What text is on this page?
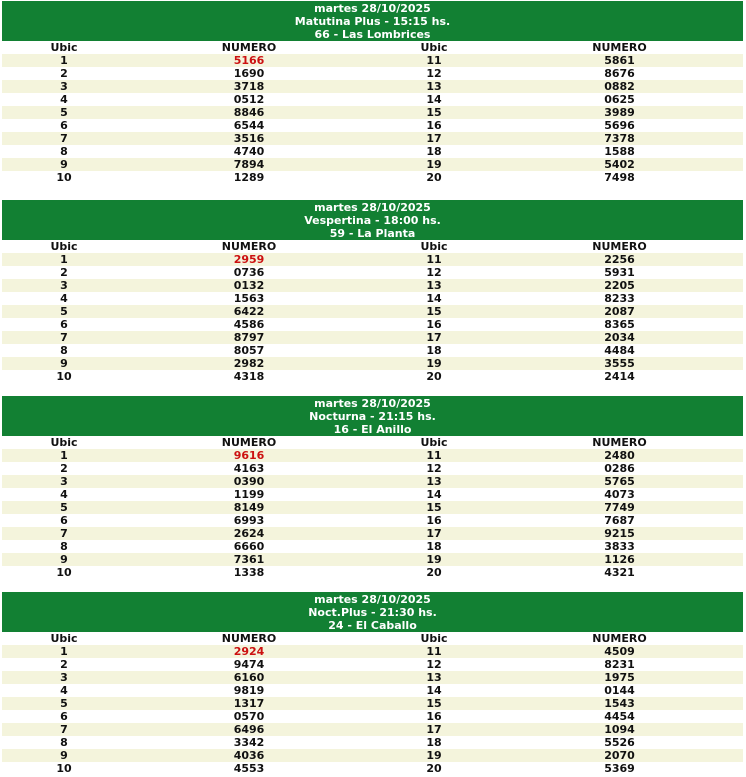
martes 28/10/2025
Matutina Plus - 15:15 hs.
66 - Las Lombrices
Ubic	NUMERO	Ubic	NUMERO
1	5166	11	5861
2	1690	12	8676
3	3718	13	0882
4	0512	14	0625
5	8846	15	3989
6	6544	16	5696
7	3516	17	7378
8	4740	18	1588
9	7894	19	5402
10	1289	20	7498
martes 28/10/2025
Vespertina - 18:00 hs.
59 - La Planta
Ubic	NUMERO	Ubic	NUMERO
1	2959	11	2256
2	0736	12	5931
3	0132	13	2205
4	1563	14	8233
5	6422	15	2087
6	4586	16	8365
7	8797	17	2034
8	8057	18	4484
9	2982	19	3555
10	4318	20	2414
martes 28/10/2025
Nocturna - 21:15 hs.
16 - El Anillo
Ubic	NUMERO	Ubic	NUMERO
1	9616	11	2480
2	4163	12	0286
3	0390	13	5765
4	1199	14	4073
5	8149	15	7749
6	6993	16	7687
7	2624	17	9215
8	6660	18	3833
9	7361	19	1126
10	1338	20	4321
martes 28/10/2025
Noct.Plus - 21:30 hs.
24 - El Caballo
Ubic	NUMERO	Ubic	NUMERO
1	2924	11	4509
2	9474	12	8231
3	6160	13	1975
4	9819	14	0144
5	1317	15	1543
6	0570	16	4454
7	6496	17	1094
8	3342	18	5526
9	4036	19	2070
10	4553	20	5369
